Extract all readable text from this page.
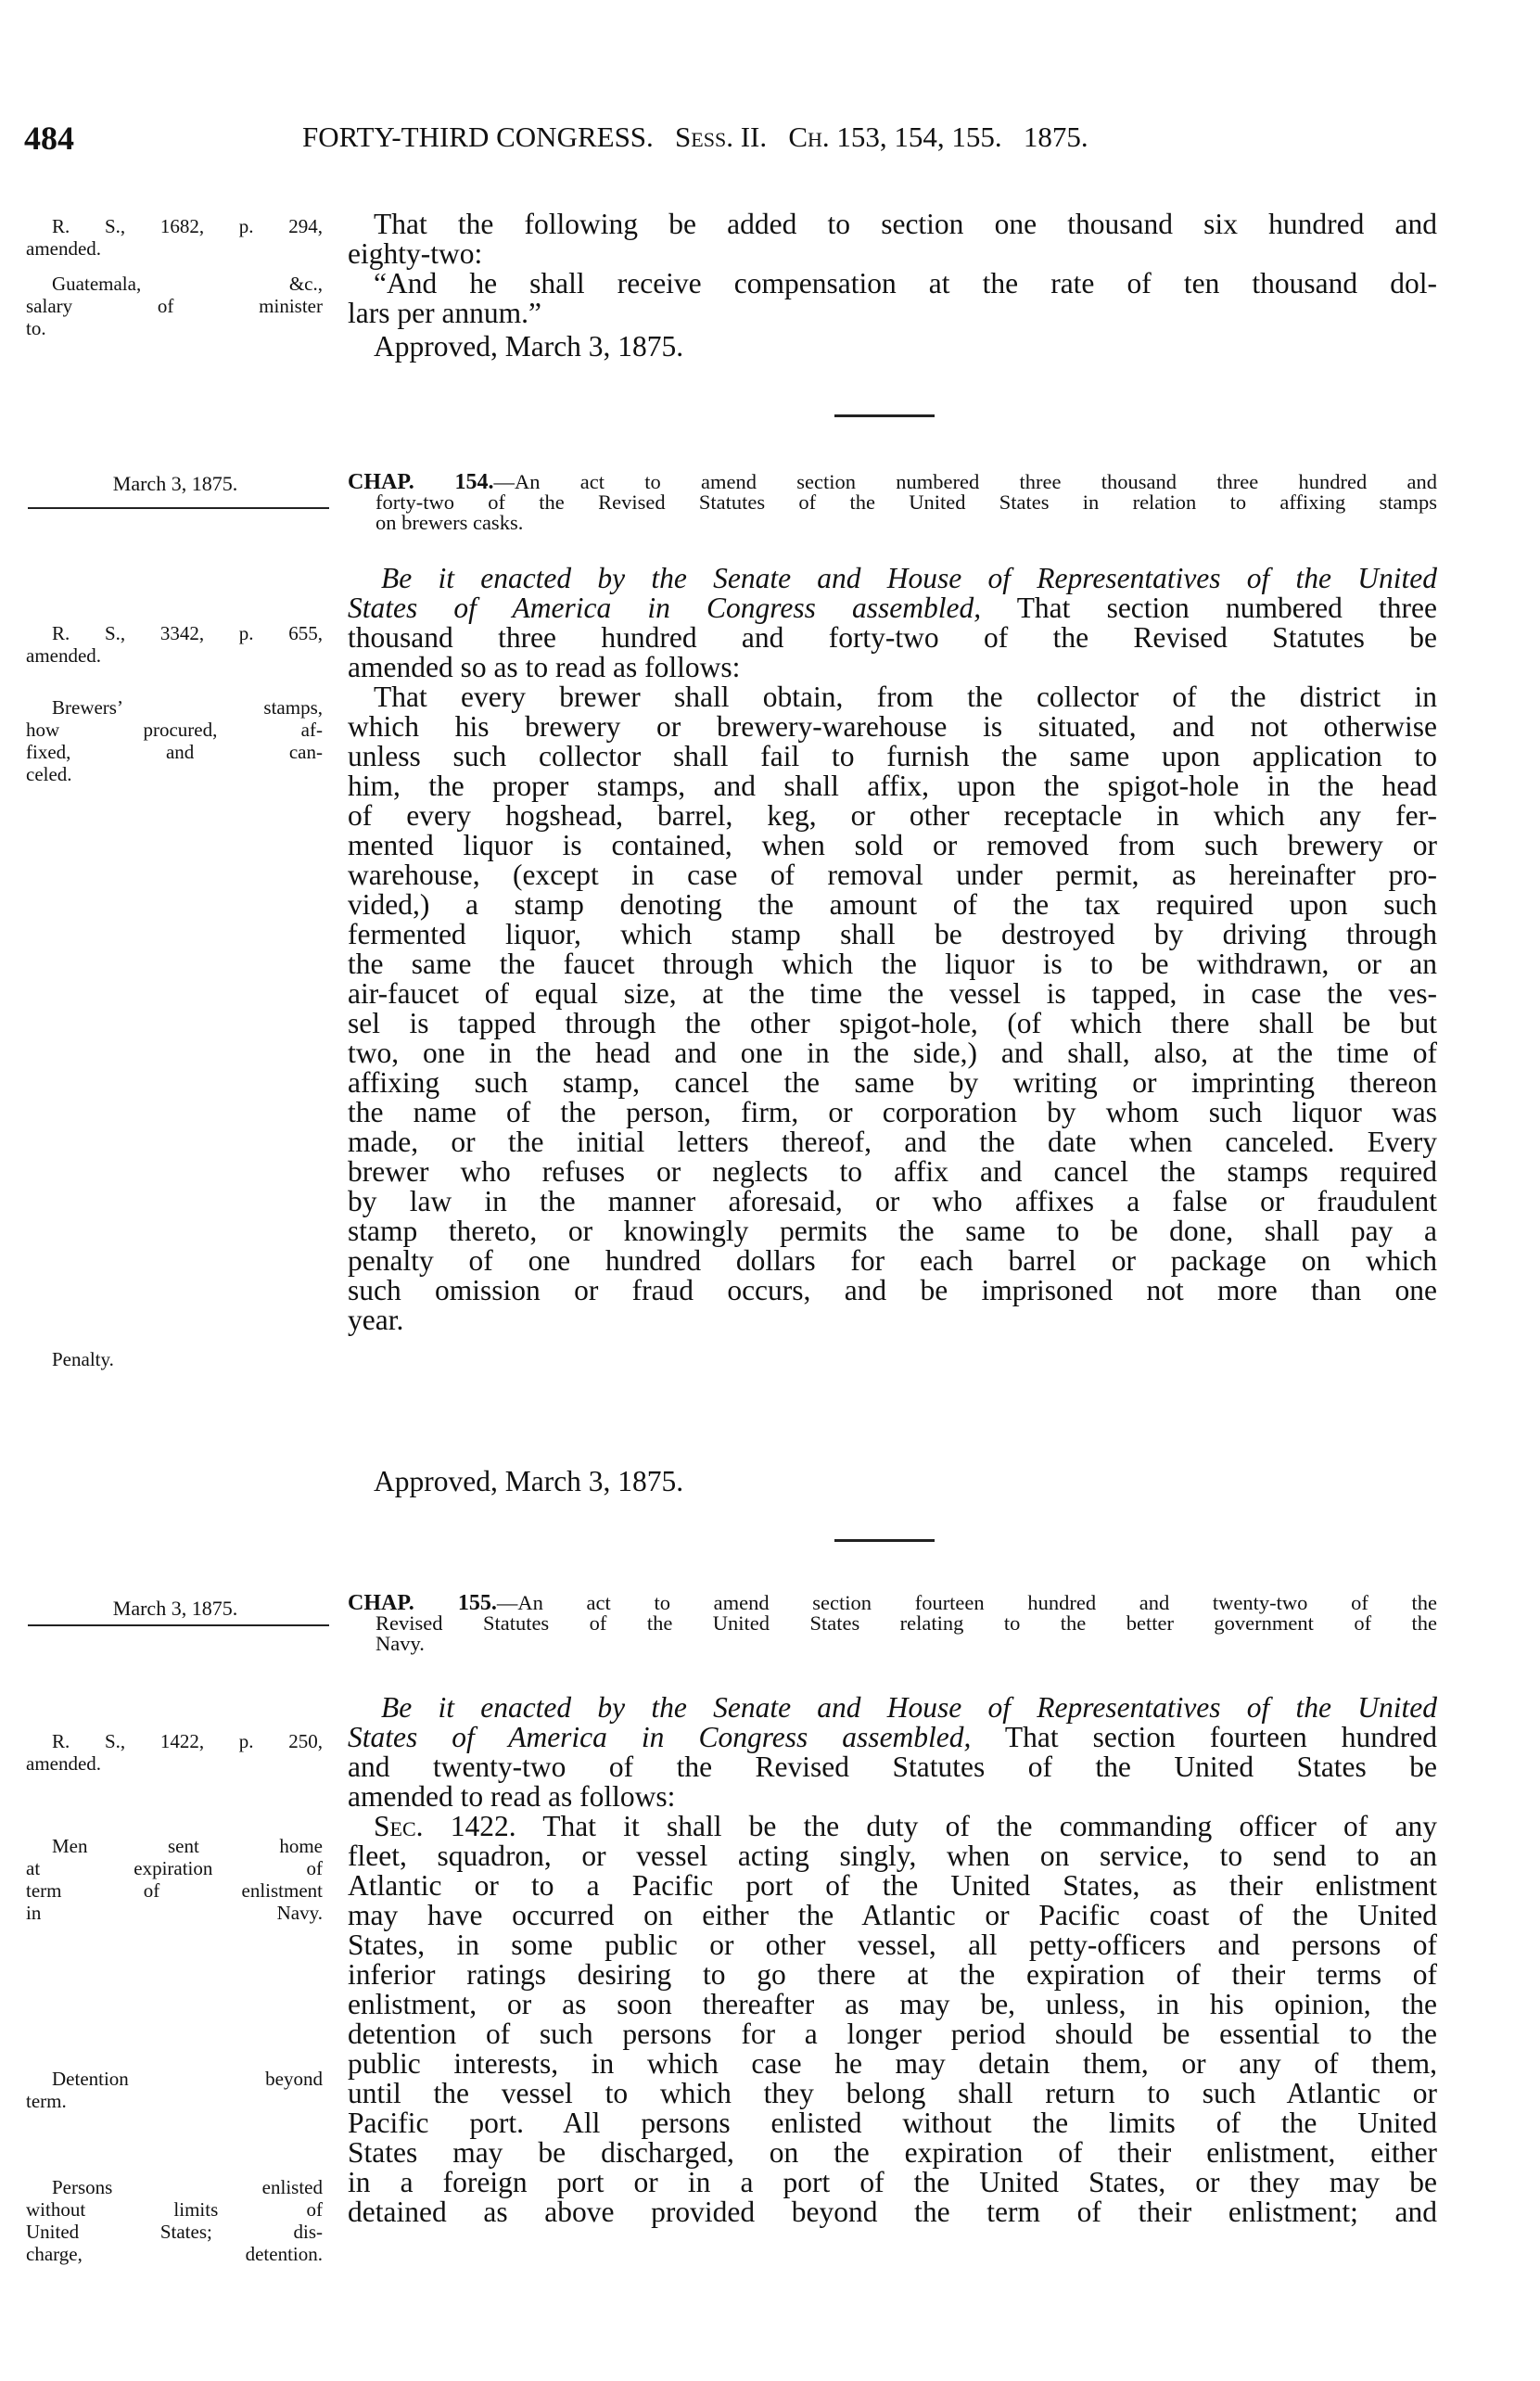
484	FORTY-THIRD CONGRESS. Sess. II. Ch. 153, 154, 155. 1875.
R. S., 1682, p. 294,
amended.
Guatemala, &c.,
salary of minister
to.
That the following be added to section one thousand six hundred and
eighty-two:
“And he shall receive compensation at the rate of ten thousand dol-
lars per annum.”
Approved, March 3, 1875.
March 3, 1875.	CHAP. 154.—An act to amend section numbered three thousand three hundred and
forty-two of the Revised Statutes of the United States in relation to affixing stamps
on brewers casks.
R. S., 3342, p. 655,
amended.
Brewers’ stamps,
how procured, af-
fixed, and can-
celed.
Penalty.
Be it enacted by the Senate and House of Representatives of the United
States of America in Congress assembled, That section numbered three
thousand three hundred and forty-two of the Revised Statutes be
amended so as to read as follows:
That every brewer shall obtain, from the collector of the district in
which his brewery or brewery-warehouse is situated, and not otherwise
unless such collector shall fail to furnish the same upon application to
him, the proper stamps, and shall affix, upon the spigot-hole in the head
of every hogshead, barrel, keg, or other receptacle in which any fer-
mented liquor is contained, when sold or removed from such brewery or
warehouse, (except in case of removal under permit, as hereinafter pro-
vided,) a stamp denoting the amount of the tax required upon such
fermented liquor, which stamp shall be destroyed by driving through
the same the faucet through which the liquor is to be withdrawn, or an
air-faucet of equal size, at the time the vessel is tapped, in case the ves-
sel is tapped through the other spigot-hole, (of which there shall be but
two, one in the head and one in the side,) and shall, also, at the time of
affixing such stamp, cancel the same by writing or imprinting thereon
the name of the person, firm, or corporation by whom such liquor was
made, or the initial letters thereof, and the date when canceled. Every
brewer who refuses or neglects to affix and cancel the stamps required
by law in the manner aforesaid, or who affixes a false or fraudulent
stamp thereto, or knowingly permits the same to be done, shall pay a
penalty of one hundred dollars for each barrel or package on which
such omission or fraud occurs, and be imprisoned not more than one
year.
Approved, March 3, 1875.
March 3, 1875.	CHAP. 155.—An act to amend section fourteen hundred and twenty-two of the
Revised Statutes of the United States relating to the better government of the
Navy.
R. S., 1422, p. 250,
amended.
Men sent home
at expiration of
term of enlistment
in Navy.
Detention beyond
term.
Persons enlisted
without limits of
United States; dis-
charge, detention.
Be it enacted by the Senate and House of Representatives of the United
States of America in Congress assembled, That section fourteen hundred
and twenty-two of the Revised Statutes of the United States be
amended to read as follows:
Sec. 1422. That it shall be the duty of the commanding officer of any
fleet, squadron, or vessel acting singly, when on service, to send to an
Atlantic or to a Pacific port of the United States, as their enlistment
may have occurred on either the Atlantic or Pacific coast of the United
States, in some public or other vessel, all petty-officers and persons of
inferior ratings desiring to go there at the expiration of their terms of
enlistment, or as soon thereafter as may be, unless, in his opinion, the
detention of such persons for a longer period should be essential to the
public interests, in which case he may detain them, or any of them,
until the vessel to which they belong shall return to such Atlantic or
Pacific port. All persons enlisted without the limits of the United
States may be discharged, on the expiration of their enlistment, either
in a foreign port or in a port of the United States, or they may be
detained as above provided beyond the term of their enlistment; and
